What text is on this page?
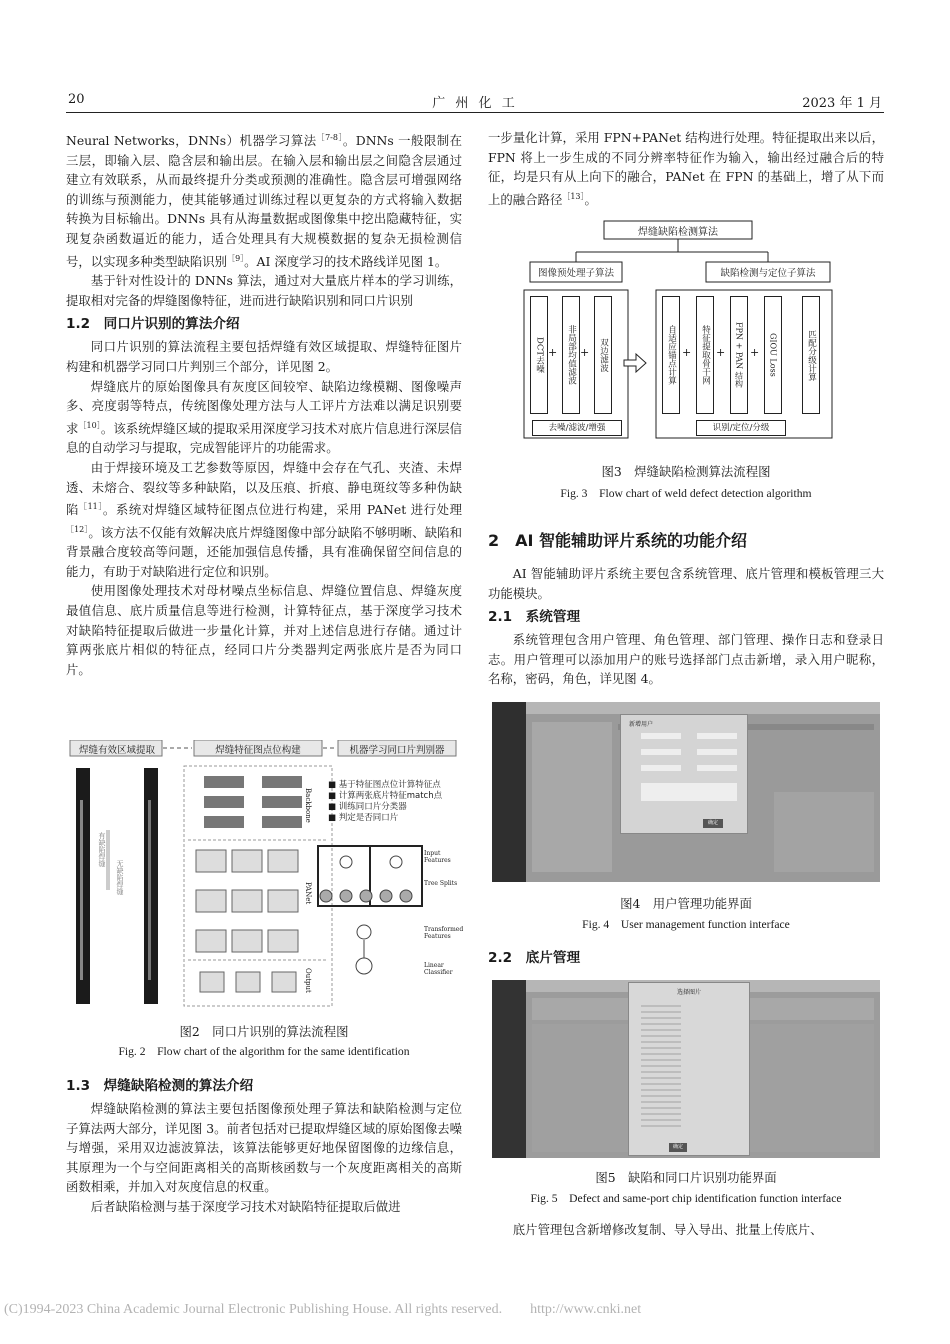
20	广 州 化 工	2023 年 1 月

Neural Networks，DNNs）机器学习算法$^{[7-8]}$。DNNs 一般限制在三层，即输入层、隐含层和输出层。在输入层和输出层之间隐含层通过建立有效联系，从而最终提升分类或预测的准确性。隐含层可增强网络的训练与预测能力，使其能够通过训练过程以更复杂的方式将输入数据转换为目标输出。DNNs 具有从海量数据或图像集中挖出隐藏特征，实现复杂函数逼近的能力，适合处理具有大规模数据的复杂无损检测信号，以实现多种类型缺陷识别$^{[9]}$。AI 深度学习的技术路线详见图 1。

基于针对性设计的 DNNs 算法，通过对大量底片样本的学习训练，提取相对完备的焊缝图像特征，进而进行缺陷识别和同口片识别

1.2　同口片识别的算法介绍

同口片识别的算法流程主要包括焊缝有效区域提取、焊缝特征图片构建和机器学习同口片判别三个部分，详见图 2。

焊缝底片的原始图像具有灰度区间较窄、缺陷边缘模糊、图像噪声多、亮度弱等特点，传统图像处理方法与人工评片方法难以满足识别要求$^{[10]}$。该系统焊缝区域的提取采用深度学习技术对底片信息进行深层信息的自动学习与提取，完成智能评片的功能需求。

由于焊接环境及工艺参数等原因，焊缝中会存在气孔、夹渣、未焊透、未熔合、裂纹等多种缺陷，以及压痕、折痕、静电斑纹等多种伪缺陷$^{[11]}$。系统对焊缝区域特征图点位进行构建，采用 PANet 进行处理$^{[12]}$。该方法不仅能有效解决底片焊缝图像中部分缺陷不够明晰、缺陷和背景融合度较高等问题，还能加强信息传播，具有准确保留空间信息的能力，有助于对缺陷进行定位和识别。

使用图像处理技术对母材噪点坐标信息、焊缝位置信息、焊缝灰度最值信息、底片质量信息等进行检测，计算特征点，基于深度学习技术对缺陷特征提取后做进一步量化计算，并对上述信息进行存储。通过计算两张底片相似的特征点，经同口片分类器判定两张底片是否为同口片。

焊缝有效区域提取	焊缝特征图点位构建	机器学习同口片判别器
有缺陷焊缝
无缺陷焊缝
Backbone
PANet
Output
■ 基于特征图点位计算特征点
■ 计算两张底片特征match点
■ 训练同口片分类器
■ 判定是否同口片
Input Features
Tree Splits
Transformed Features
Linear Classifier
图2　同口片识别的算法流程图
Fig. 2　Flow chart of the algorithm for the same identification
1.3　焊缝缺陷检测的算法介绍

焊缝缺陷检测的算法主要包括图像预处理子算法和缺陷检测与定位子算法两大部分，详见图 3。前者包括对已提取焊缝区域的原始图像去噪与增强，采用双边滤波算法，该算法能够更好地保留图像的边缘信息，其原理为一个与空间距离相关的高斯核函数与一个灰度距离相关的高斯函数相乘，并加入对灰度信息的权重。

后者缺陷检测与基于深度学习技术对缺陷特征提取后做进

一步量化计算，采用 FPN+PANet 结构进行处理。特征提取出来以后，FPN 将上一步生成的不同分辨率特征作为输入，输出经过融合后的特征，均是只有从上向下的融合，PANet 在 FPN 的基础上，增了从下而上的融合路径$^{[13]}$。

焊缝缺陷检测算法
图像预处理子算法	缺陷检测与定位子算法
DCT去噪 +	非局部均值滤波 +	双边滤波
去噪/滤波/增强
自适应锚点计算 +	特征提取骨干网 +	FPN + PAN 结构 +	GIOU Loss	匹配分级计算
识别/定位/分级
图3　焊缝缺陷检测算法流程图
Fig. 3　Flow chart of weld defect detection algorithm
2　AI 智能辅助评片系统的功能介绍

AI 智能辅助评片系统主要包含系统管理、底片管理和模板管理三大功能模块。

2.1　系统管理

系统管理包含用户管理、角色管理、部门管理、操作日志和登录日志。用户管理可以添加用户的账号选择部门点击新增，录入用户昵称，名称，密码，角色，详见图 4。

新增用户
确定
图4　用户管理功能界面
Fig. 4　User management function interface
2.2　底片管理
选择图片
确定
图5　缺陷和同口片识别功能界面
Fig. 5　Defect and same-port chip identification function interface

底片管理包含新增修改复制、导入导出、批量上传底片、

(C)1994-2023 China Academic Journal Electronic Publishing House. All rights reserved.　　http://www.cnki.net
